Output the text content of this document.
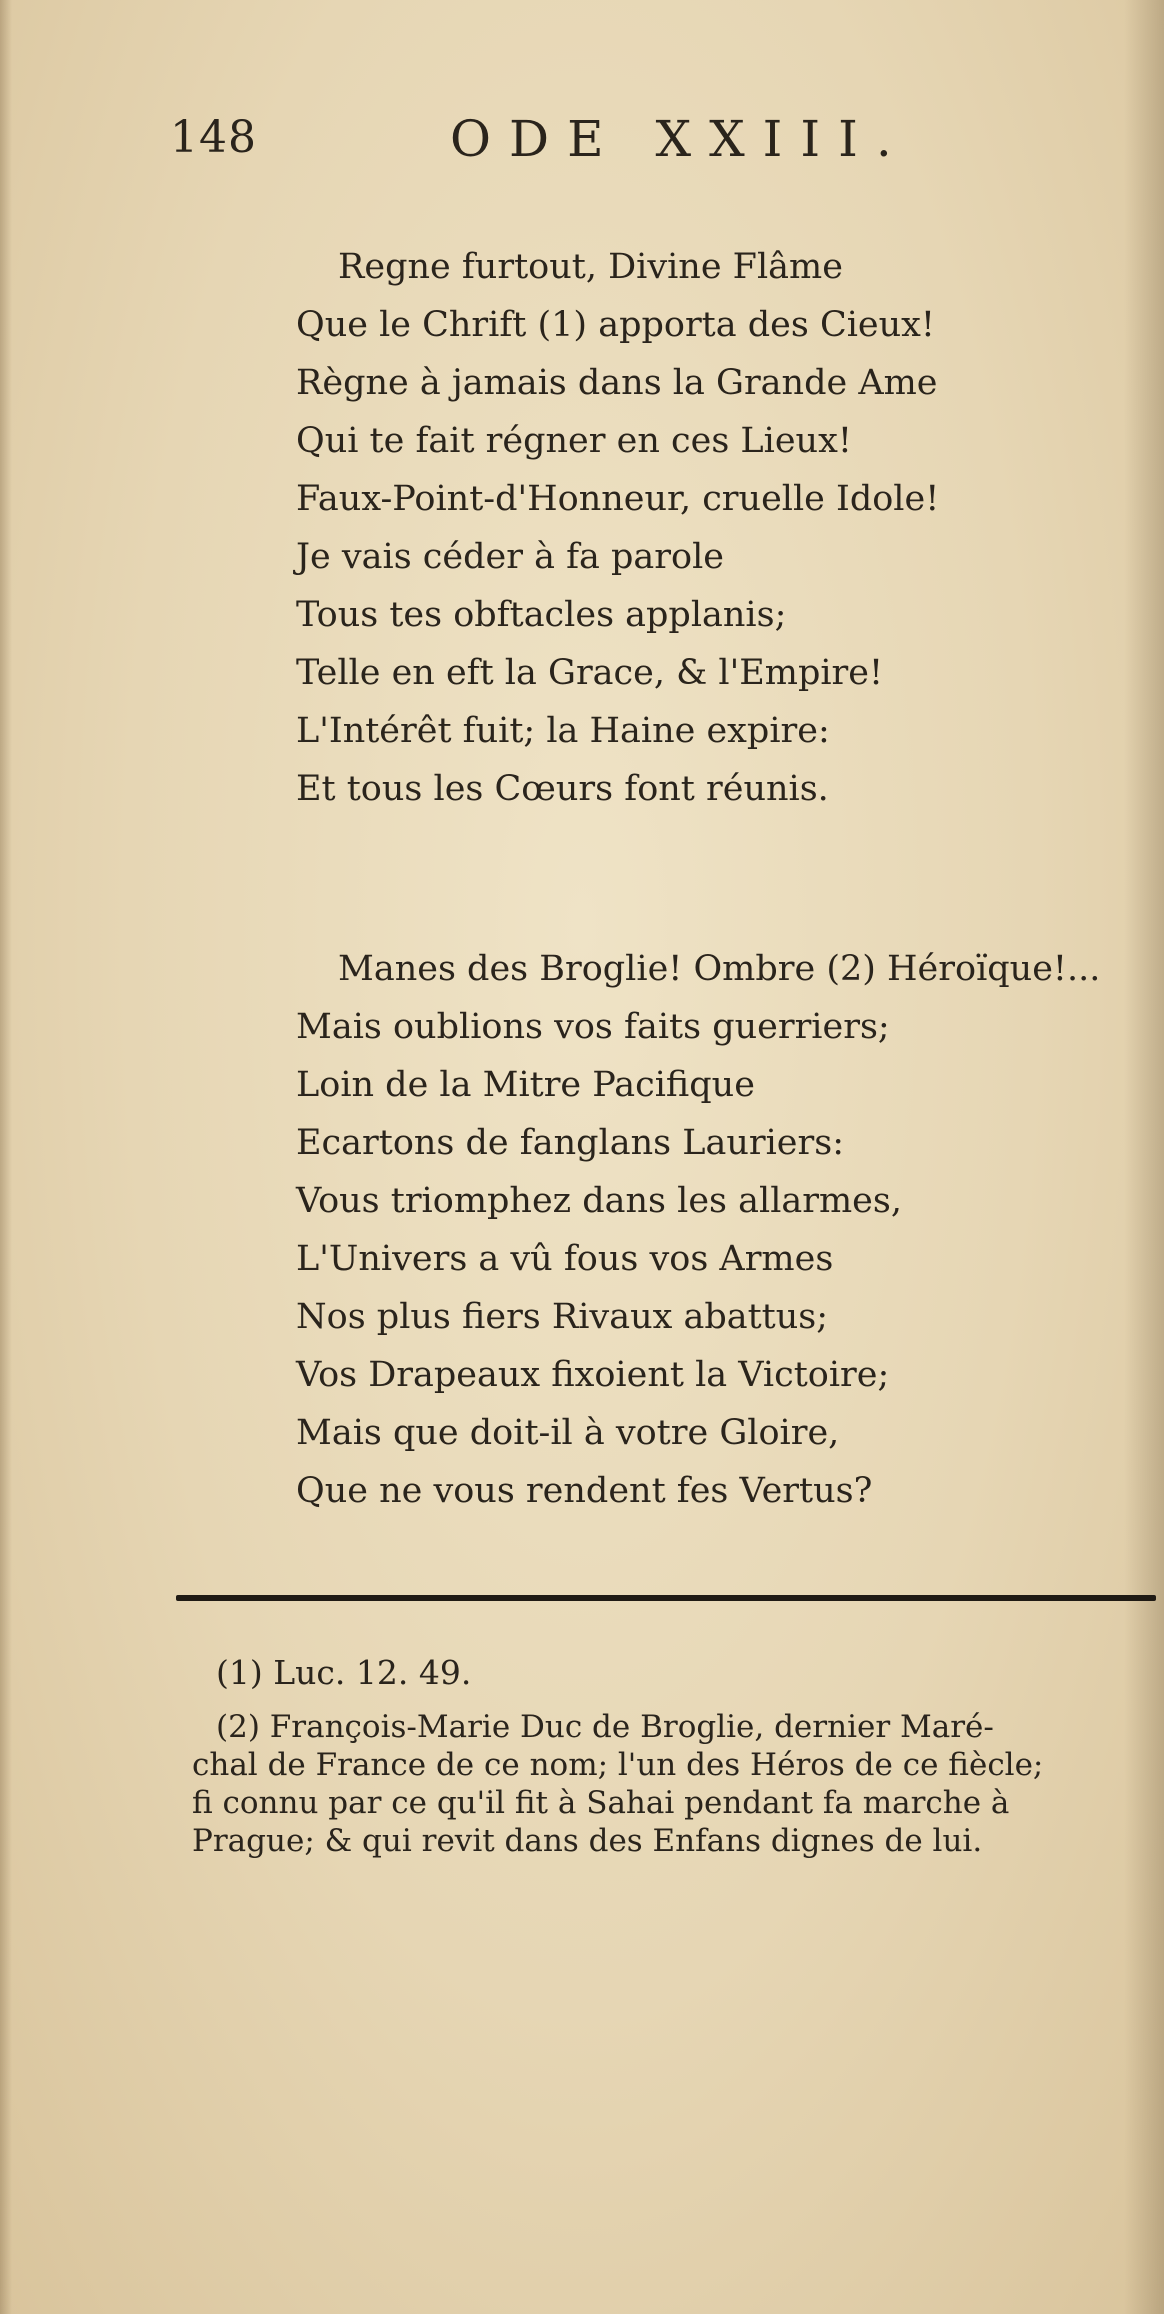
148	ODE XXIII.
Regne furtout, Divine Flâme
Que le Chrift (1) apporta des Cieux!
Règne à jamais dans la Grande Ame
Qui te fait régner en ces Lieux!
Faux-Point-d'Honneur, cruelle Idole!
Je vais céder à fa parole
Tous tes obftacles applanis;
Telle en eft la Grace, & l'Empire!
L'Intérêt fuit; la Haine expire:
Et tous les Cœurs font réunis.
Manes des Broglie! Ombre (2) Héroïque!...
Mais oublions vos faits guerriers;
Loin de la Mitre Pacifique
Ecartons de fanglans Lauriers:
Vous triomphez dans les allarmes,
L'Univers a vû fous vos Armes
Nos plus fiers Rivaux abattus;
Vos Drapeaux fixoient la Victoire;
Mais que doit-il à votre Gloire,
Que ne vous rendent fes Vertus?
(1) Luc. 12. 49.
(2) François-Marie Duc de Broglie, dernier Maré-
chal de France de ce nom; l'un des Héros de ce fiècle;
fi connu par ce qu'il fit à Sahai pendant fa marche à
Prague; & qui revit dans des Enfans dignes de lui.
